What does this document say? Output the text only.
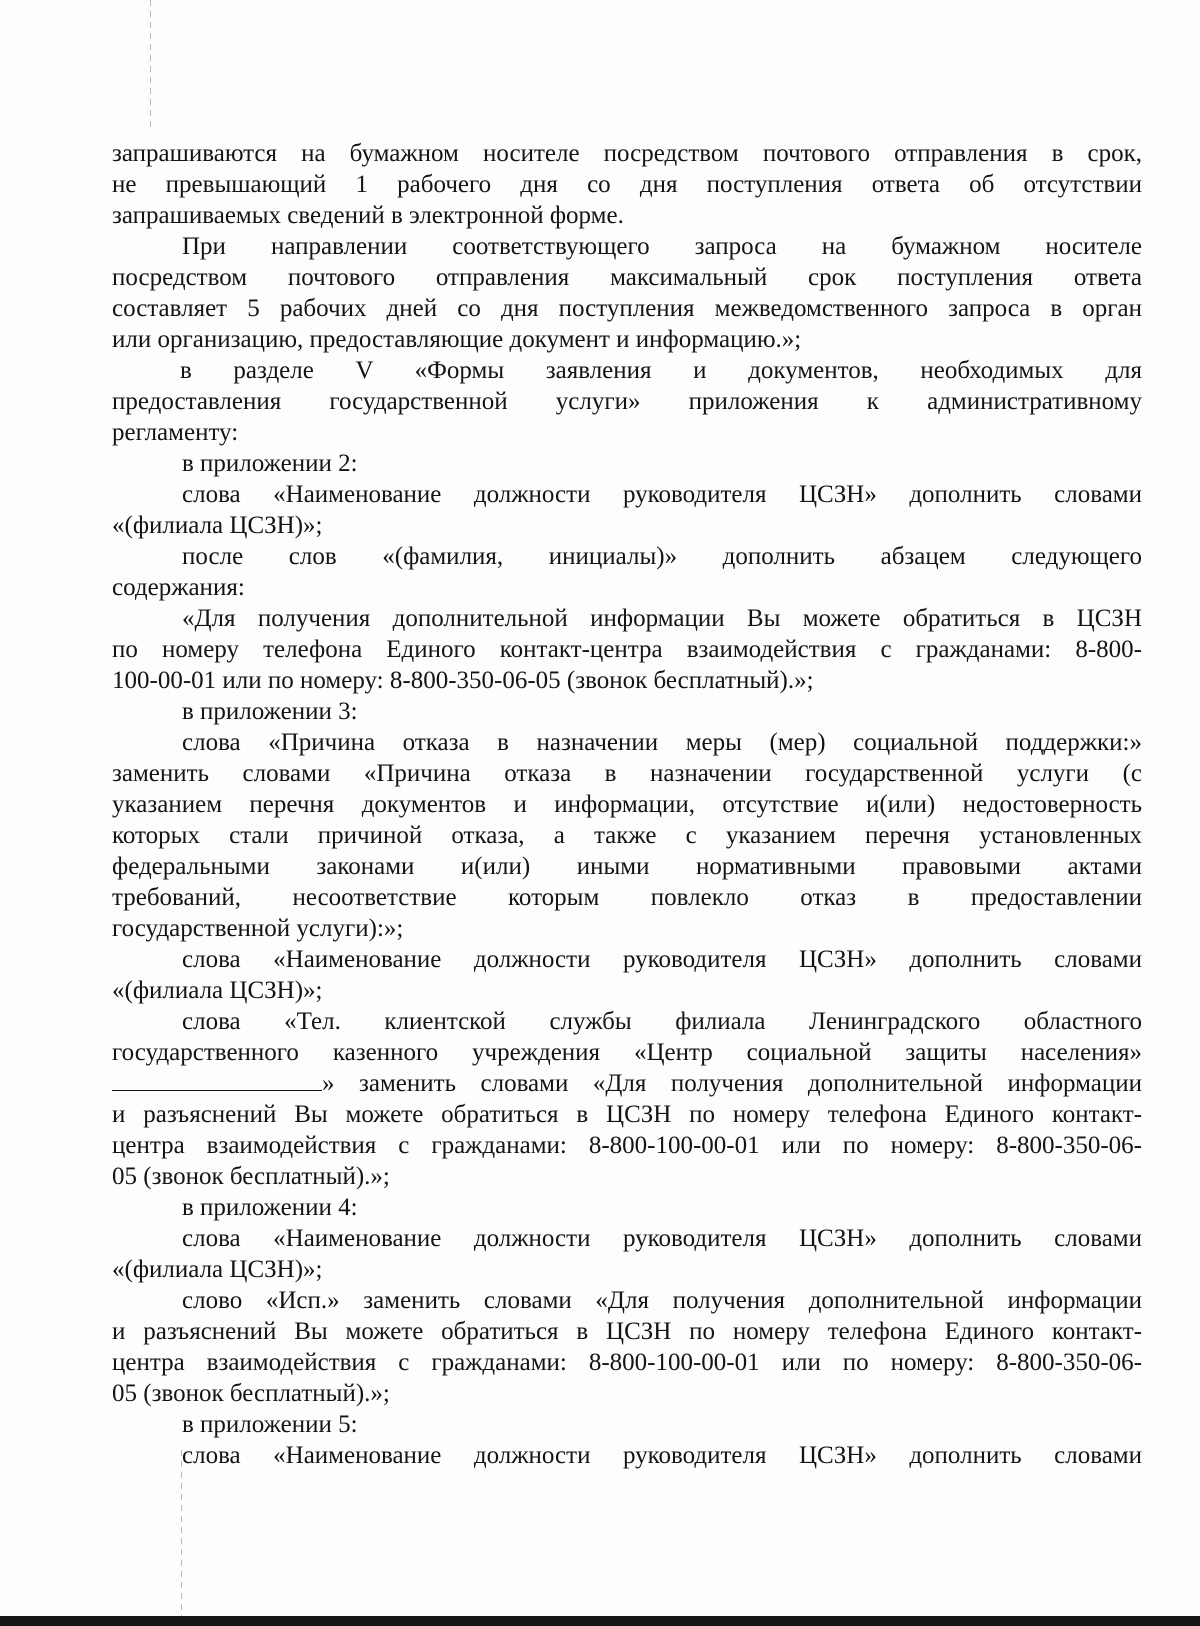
запрашиваются на бумажном носителе посредством почтового отправления в срок,
не превышающий 1 рабочего дня со дня поступления ответа об отсутствии
запрашиваемых сведений в электронной форме.
При направлении соответствующего запроса на бумажном носителе
посредством почтового отправления максимальный срок поступления ответа
составляет 5 рабочих дней со дня поступления межведомственного запроса в орган
или организацию, предоставляющие документ и информацию.»;
в разделе V «Формы заявления и документов, необходимых для
предоставления государственной услуги» приложения к административному
регламенту:
в приложении 2:
слова «Наименование должности руководителя ЦСЗН» дополнить словами
«(филиала ЦСЗН)»;
после слов «(фамилия, инициалы)» дополнить абзацем следующего
содержания:
«Для получения дополнительной информации Вы можете обратиться в ЦСЗН
по номеру телефона Единого контакт-центра взаимодействия с гражданами: 8-800-
100-00-01 или по номеру: 8-800-350-06-05 (звонок бесплатный).»;
в приложении 3:
слова «Причина отказа в назначении меры (мер) социальной поддержки:»
заменить словами «Причина отказа в назначении государственной услуги (с
указанием перечня документов и информации, отсутствие и(или) недостоверность
которых стали причиной отказа, а также с указанием перечня установленных
федеральными законами и(или) иными нормативными правовыми актами
требований, несоответствие которым повлекло отказ в предоставлении
государственной услуги):»;
слова «Наименование должности руководителя ЦСЗН» дополнить словами
«(филиала ЦСЗН)»;
слова «Тел. клиентской службы филиала Ленинградского областного
государственного казенного учреждения «Центр социальной защиты населения»
» заменить словами «Для получения дополнительной информации
и разъяснений Вы можете обратиться в ЦСЗН по номеру телефона Единого контакт-
центра взаимодействия с гражданами: 8-800-100-00-01 или по номеру: 8-800-350-06-
05 (звонок бесплатный).»;
в приложении 4:
слова «Наименование должности руководителя ЦСЗН» дополнить словами
«(филиала ЦСЗН)»;
слово «Исп.» заменить словами «Для получения дополнительной информации
и разъяснений Вы можете обратиться в ЦСЗН по номеру телефона Единого контакт-
центра взаимодействия с гражданами: 8-800-100-00-01 или по номеру: 8-800-350-06-
05 (звонок бесплатный).»;
в приложении 5:
слова «Наименование должности руководителя ЦСЗН» дополнить словами
